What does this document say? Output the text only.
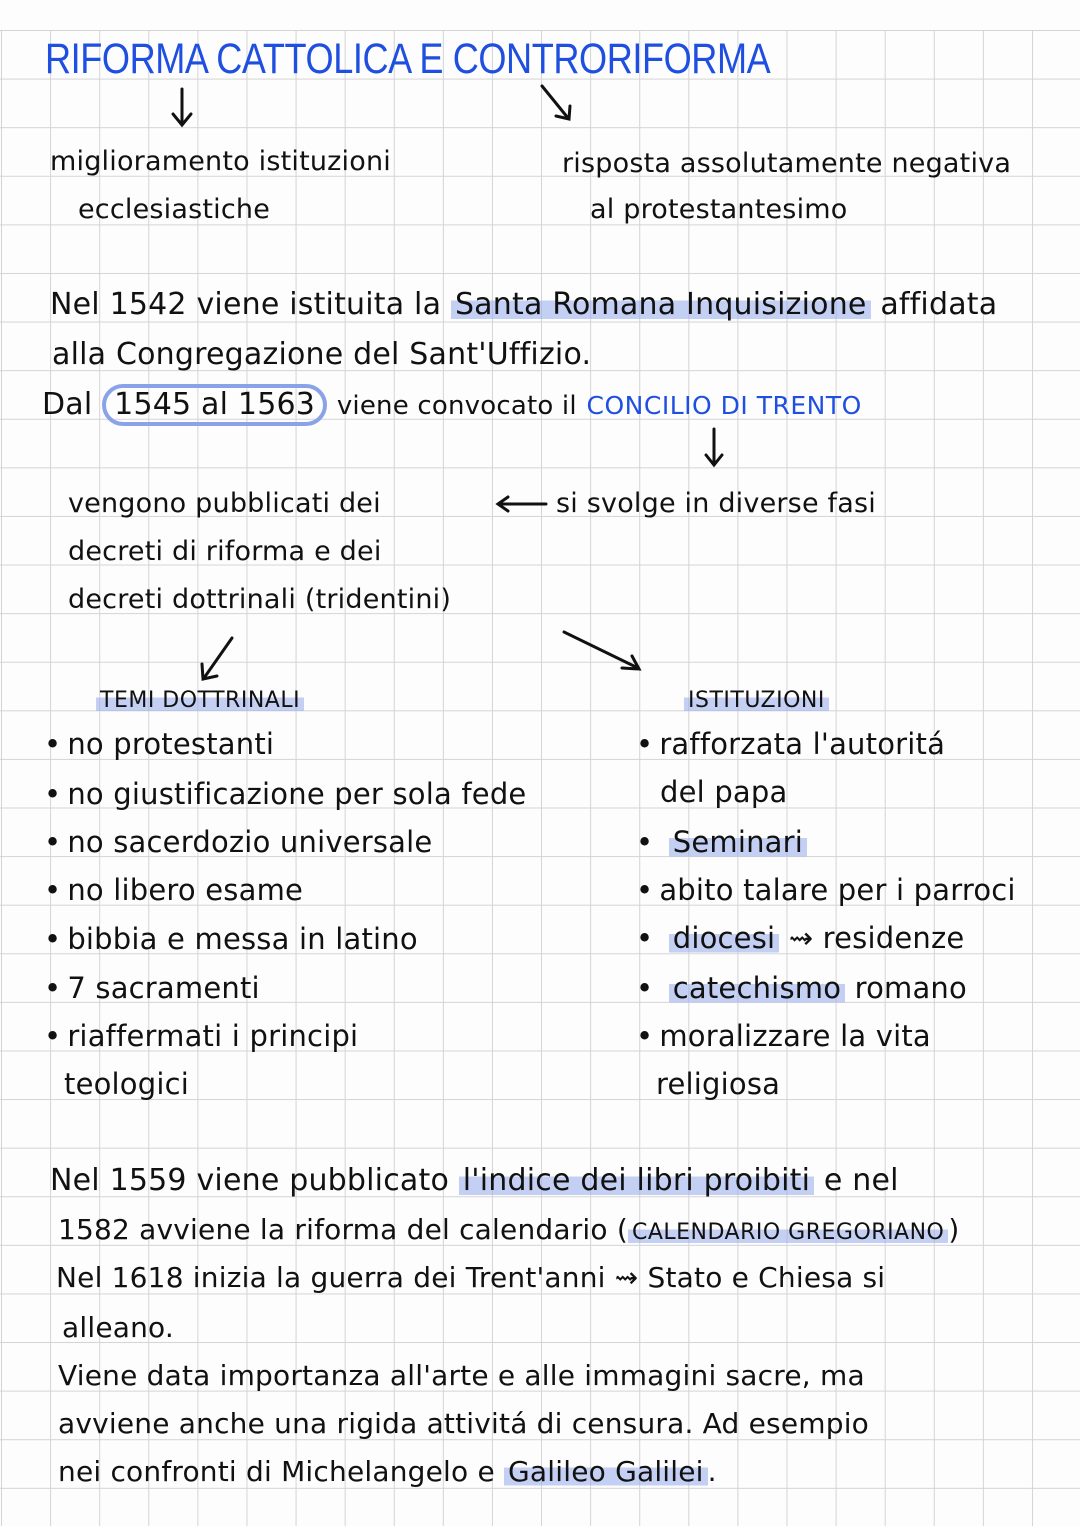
RIFORMA CATTOLICA E CONTRORIFORMA
miglioramento istituzioni
ecclesiastiche
risposta assolutamente negativa
al protestantesimo
Nel 1542 viene istituita la Santa Romana Inquisizione affidata
alla Congregazione del Sant'Uffizio.
Dal 1545 al 1563 viene convocato il CONCILIO DI TRENTO
si svolge in diverse fasi
vengono pubblicati dei
decreti di riforma e dei
decreti dottrinali (tridentini)
TEMI DOTTRINALI	ISTITUZIONI
• no protestanti
• no giustificazione per sola fede
• no sacerdozio universale
• no libero esame
• bibbia e messa in latino
• 7 sacramenti
• riaffermati i principi
teologici
• rafforzata l'autoritá
del papa
• Seminari
• abito talare per i parroci
• diocesi ⇝ residenze
• catechismo romano
• moralizzare la vita
religiosa
Nel 1559 viene pubblicato l'indice dei libri proibiti e nel
1582 avviene la riforma del calendario ( CALENDARIO GREGORIANO )
Nel 1618 inizia la guerra dei Trent'anni ⇝ Stato e Chiesa si
alleano.
Viene data importanza all'arte e alle immagini sacre, ma
avviene anche una rigida attivitá di censura. Ad esempio
nei confronti di Michelangelo e Galileo Galilei .
